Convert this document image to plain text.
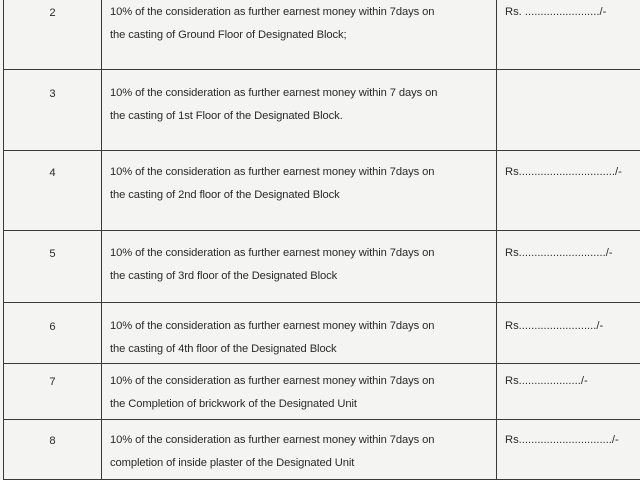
2	10% of the consideration as further earnest money within 7days on
the casting of Ground Floor of Designated Block;	Rs. ......................../-

3	10% of the consideration as further earnest money within 7 days on
the casting of 1st Floor of the Designated Block.	

4	10% of the consideration as further earnest money within 7days on
the casting of 2nd floor of the Designated Block	Rs.............................../-

5	10% of the consideration as further earnest money within 7days on
the casting of 3rd floor of the Designated Block	Rs............................/-

6	10% of the consideration as further earnest money within 7days on
the casting of 4th floor of the Designated Block	Rs........................./-

7	10% of the consideration as further earnest money within 7days on
the Completion of brickwork of the Designated Unit	Rs..................../-

8	10% of the consideration as further earnest money within 7days on
completion of inside plaster of the Designated Unit	Rs............................../-
